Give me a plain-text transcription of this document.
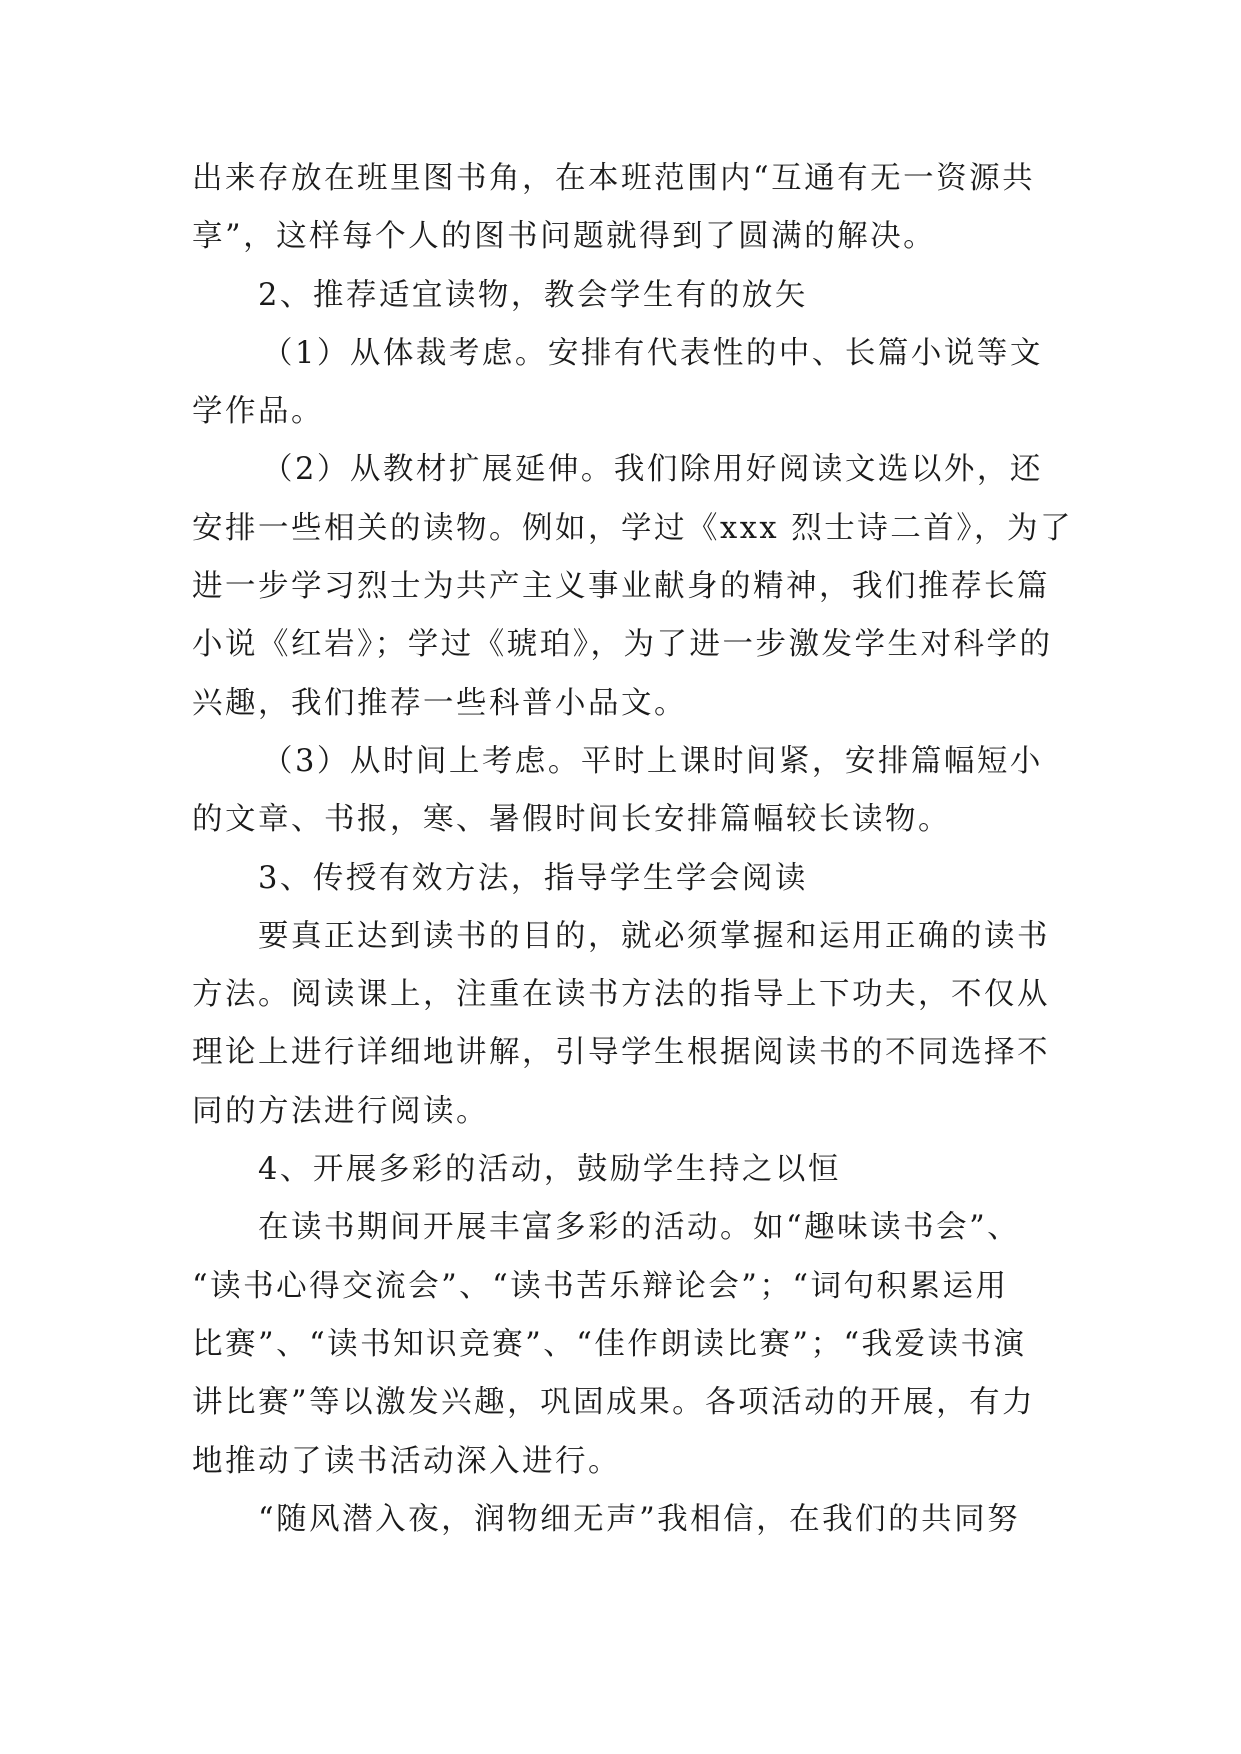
出来存放在班里图书角，在本班范围内“互通有无一资源共
享”，这样每个人的图书问题就得到了圆满的解决。
2、推荐适宜读物，教会学生有的放矢
（1）从体裁考虑。安排有代表性的中、长篇小说等文
学作品。
（2）从教材扩展延伸。我们除用好阅读文选以外，还
安排一些相关的读物。例如，学过《xxx 烈士诗二首》，为了
进一步学习烈士为共产主义事业献身的精神，我们推荐长篇
小说《红岩》；学过《琥珀》，为了进一步激发学生对科学的
兴趣，我们推荐一些科普小品文。
（3）从时间上考虑。平时上课时间紧，安排篇幅短小
的文章、书报，寒、暑假时间长安排篇幅较长读物。
3、传授有效方法，指导学生学会阅读
要真正达到读书的目的，就必须掌握和运用正确的读书
方法。阅读课上，注重在读书方法的指导上下功夫，不仅从
理论上进行详细地讲解，引导学生根据阅读书的不同选择不
同的方法进行阅读。
4、开展多彩的活动，鼓励学生持之以恒
在读书期间开展丰富多彩的活动。如“趣味读书会”、
“读书心得交流会”、“读书苦乐辩论会”；“词句积累运用
比赛”、“读书知识竞赛”、“佳作朗读比赛”；“我爱读书演
讲比赛”等以激发兴趣，巩固成果。各项活动的开展，有力
地推动了读书活动深入进行。
“随风潜入夜，润物细无声”我相信，在我们的共同努
